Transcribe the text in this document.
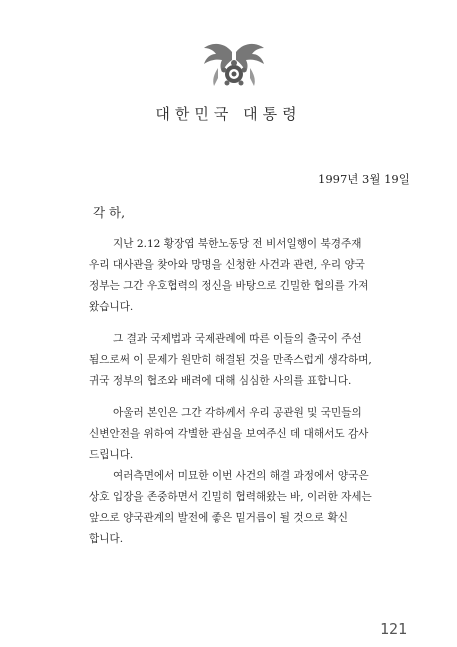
대한민국 대통령
1997년 3월 19일
각 하,
지난 2.12 황장엽 북한노동당 전 비서일행이 북경주재
우리 대사관을 찾아와 망명을 신청한 사건과 관련, 우리 양국
정부는 그간 우호협력의 정신을 바탕으로 긴밀한 협의를 가져
왔습니다.
그 결과 국제법과 국제관례에 따른 이들의 출국이 주선
됨으로써 이 문제가 원만히 해결된 것을 만족스럽게 생각하며,
귀국 정부의 협조와 배려에 대해 심심한 사의를 표합니다.
아울러 본인은 그간 각하께서 우리 공관원 및 국민들의
신변안전을 위하여 각별한 관심을 보여주신 데 대해서도 감사
드립니다.
여러측면에서 미묘한 이번 사건의 해결 과정에서 양국은
상호 입장을 존중하면서 긴밀히 협력해왔는 바, 이러한 자세는
앞으로 양국관계의 발전에 좋은 밑거름이 될 것으로 확신
합니다.
121
